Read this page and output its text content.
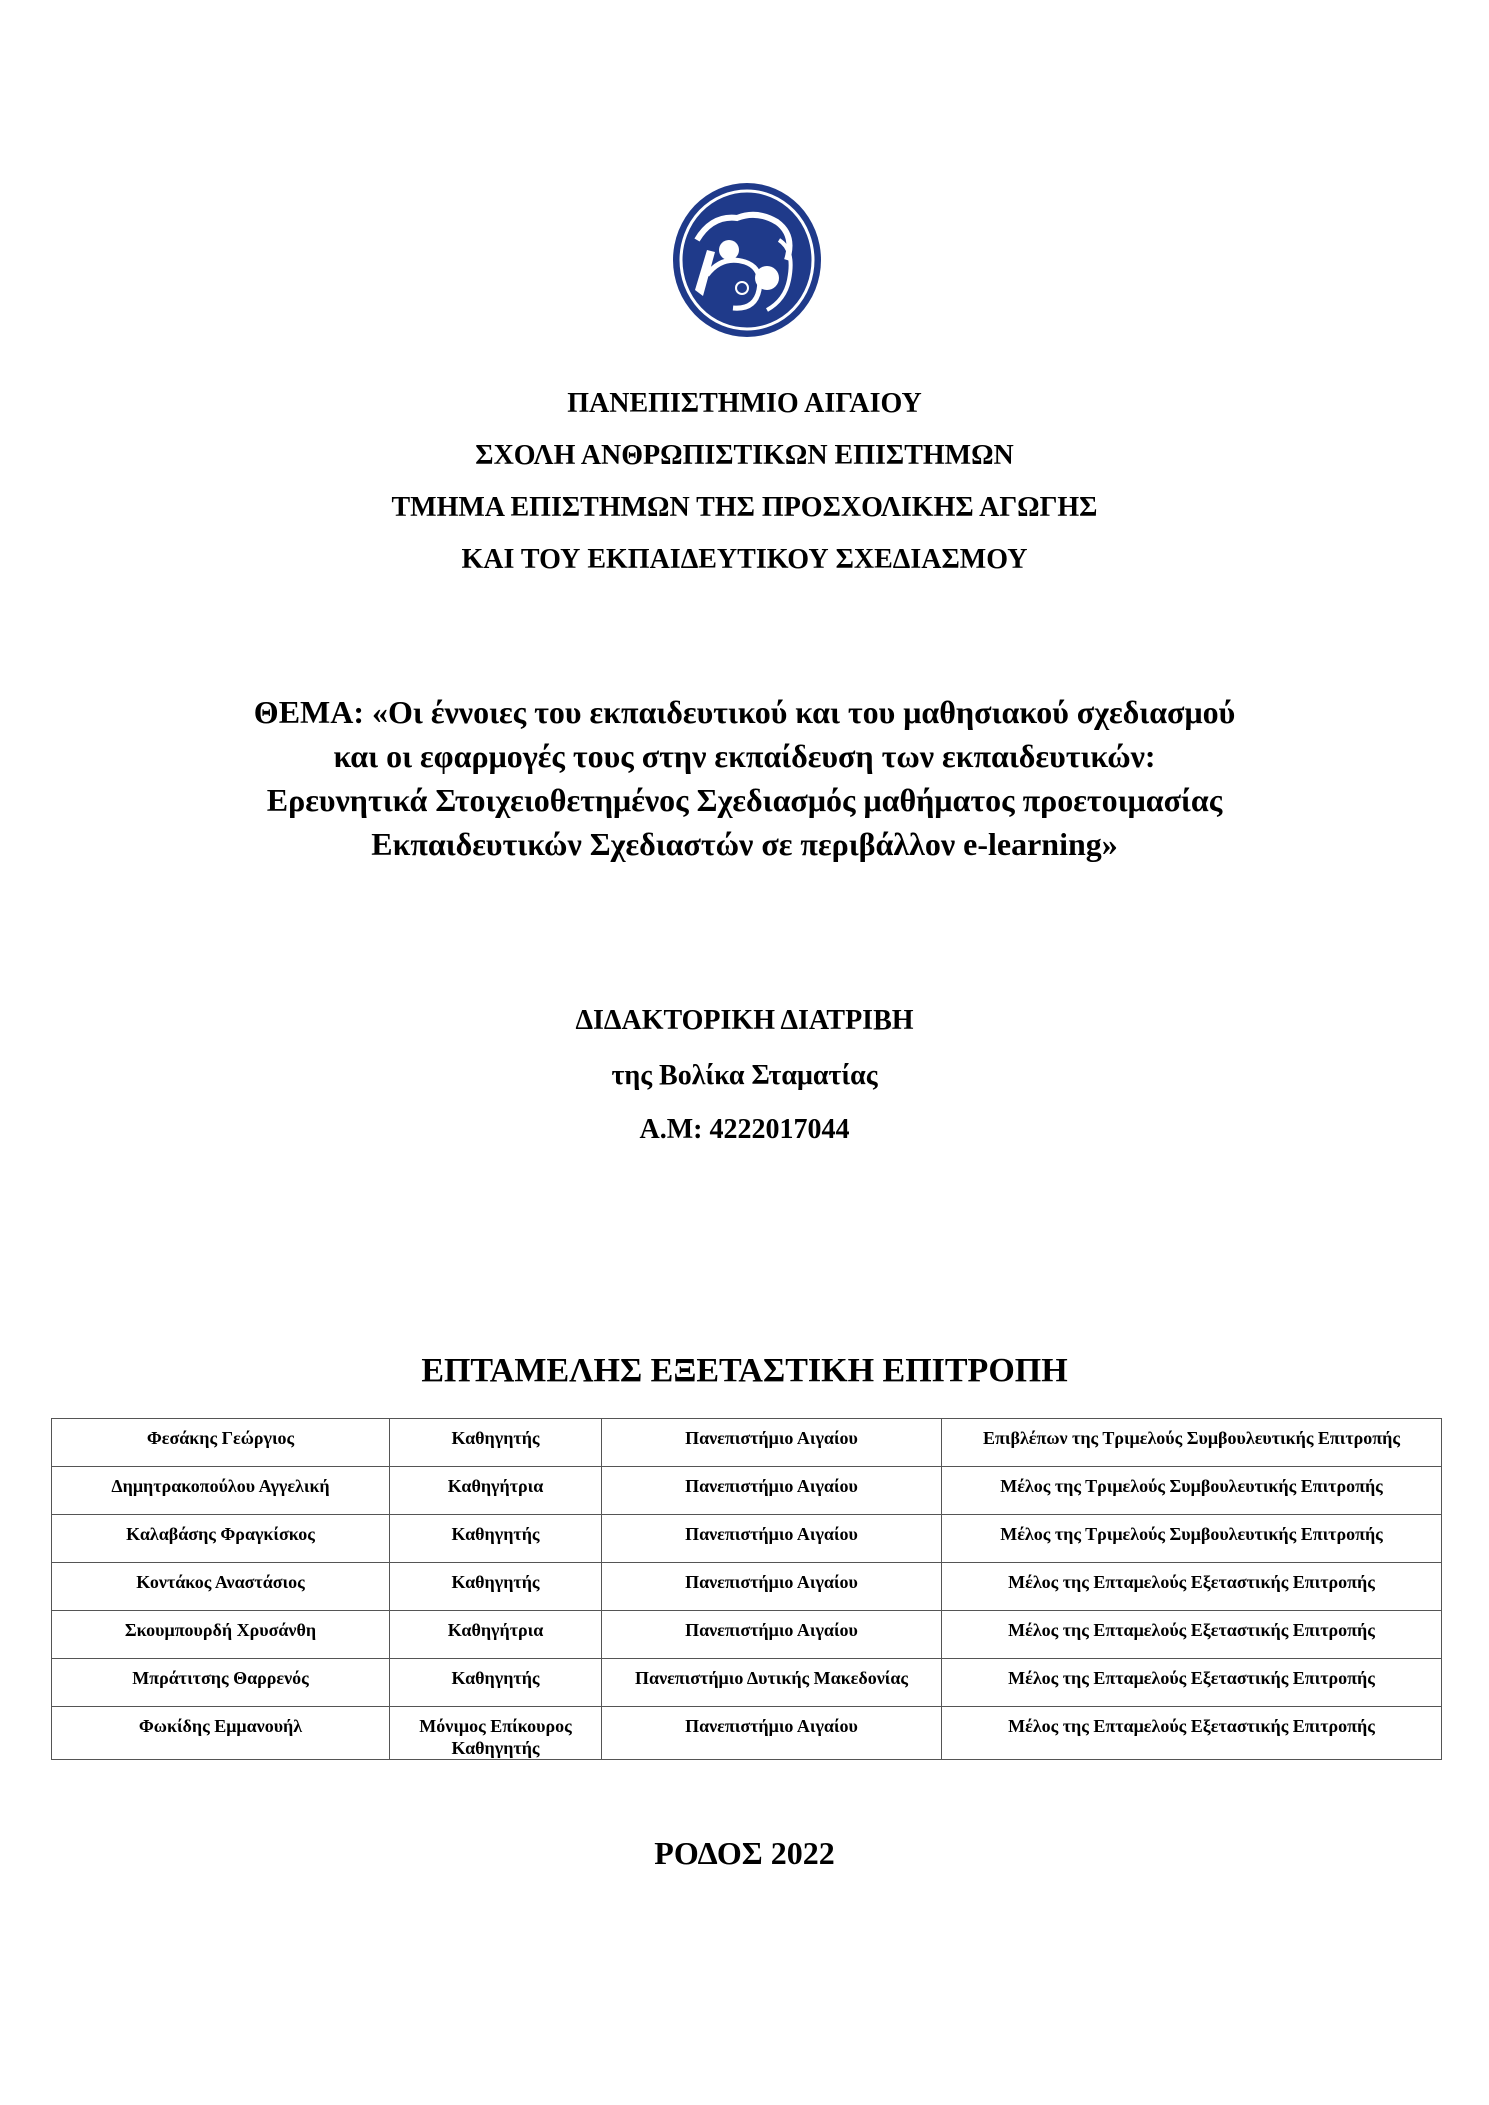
ΠΑΝΕΠΙΣΤΗΜΙΟ ΑΙΓΑΙΟΥ
ΣΧΟΛΗ ΑΝΘΡΩΠΙΣΤΙΚΩΝ ΕΠΙΣΤΗΜΩΝ
ΤΜΗΜΑ ΕΠΙΣΤΗΜΩΝ ΤΗΣ ΠΡΟΣΧΟΛΙΚΗΣ ΑΓΩΓΗΣ
ΚΑΙ ΤΟΥ ΕΚΠΑΙΔΕΥΤΙΚΟΥ ΣΧΕΔΙΑΣΜΟΥ
ΘΕΜΑ: «Οι έννοιες του εκπαιδευτικού και του μαθησιακού σχεδιασμού
και οι εφαρμογές τους στην εκπαίδευση των εκπαιδευτικών:
Ερευνητικά Στοιχειοθετημένος Σχεδιασμός μαθήματος προετοιμασίας
Εκπαιδευτικών Σχεδιαστών σε περιβάλλον e-learning»
ΔΙΔΑΚΤΟΡΙΚΗ ΔΙΑΤΡΙΒΗ
της Βολίκα Σταματίας
Α.Μ: 4222017044
ΕΠΤΑΜΕΛΗΣ ΕΞΕΤΑΣΤΙΚΗ ΕΠΙΤΡΟΠΗ
Φεσάκης Γεώργιος	Καθηγητής	Πανεπιστήμιο Αιγαίου	Επιβλέπων της Τριμελούς Συμβουλευτικής Επιτροπής
Δημητρακοπούλου Αγγελική	Καθηγήτρια	Πανεπιστήμιο Αιγαίου	Μέλος της Τριμελούς Συμβουλευτικής Επιτροπής
Καλαβάσης Φραγκίσκος	Καθηγητής	Πανεπιστήμιο Αιγαίου	Μέλος της Τριμελούς Συμβουλευτικής Επιτροπής
Κοντάκος Αναστάσιος	Καθηγητής	Πανεπιστήμιο Αιγαίου	Μέλος της Επταμελούς Εξεταστικής Επιτροπής
Σκουμπουρδή Χρυσάνθη	Καθηγήτρια	Πανεπιστήμιο Αιγαίου	Μέλος της Επταμελούς Εξεταστικής Επιτροπής
Μπράτιτσης Θαρρενός	Καθηγητής	Πανεπιστήμιο Δυτικής Μακεδονίας	Μέλος της Επταμελούς Εξεταστικής Επιτροπής
Φωκίδης Εμμανουήλ	Μόνιμος Επίκουρος Καθηγητής	Πανεπιστήμιο Αιγαίου	Μέλος της Επταμελούς Εξεταστικής Επιτροπής
ΡΟΔΟΣ 2022
